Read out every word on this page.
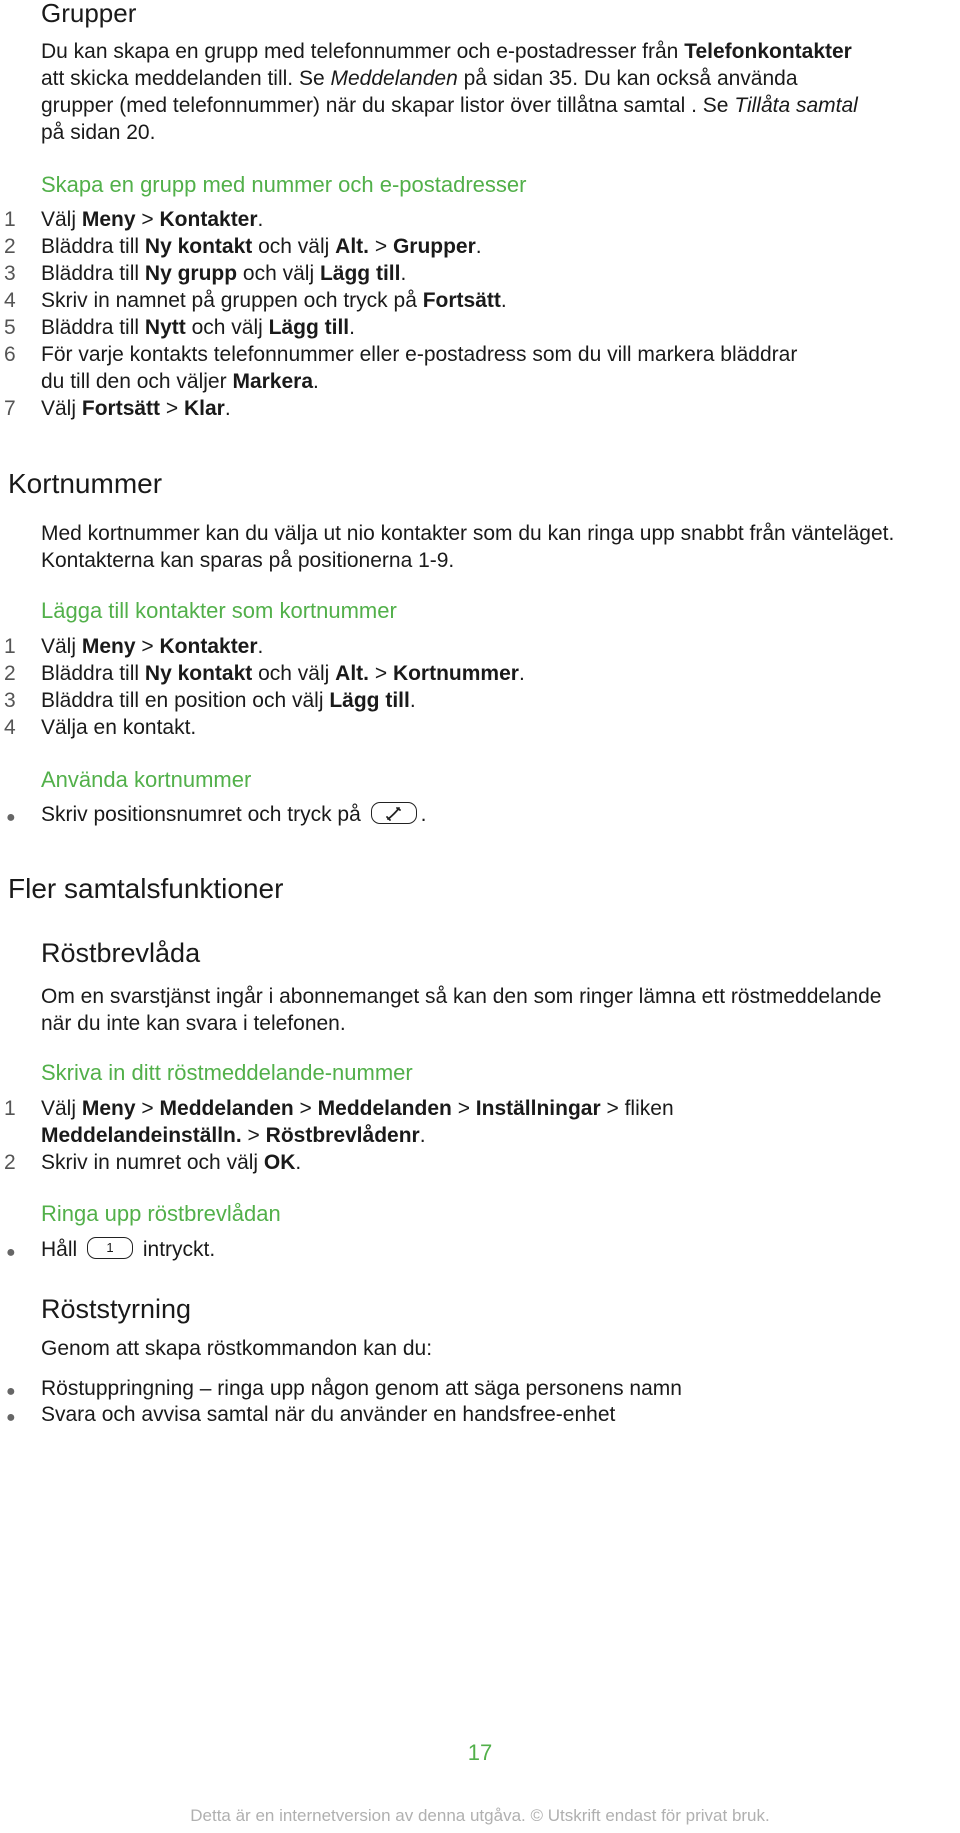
Grupper
Du kan skapa en grupp med telefonnummer och e-postadresser från Telefonkontakter
att skicka meddelanden till. Se Meddelanden på sidan 35. Du kan också använda
grupper (med telefonnummer) när du skapar listor över tillåtna samtal . Se Tillåta samtal
på sidan 20.
Skapa en grupp med nummer och e-postadresser
1 Välj Meny > Kontakter.
2 Bläddra till Ny kontakt och välj Alt. > Grupper.
3 Bläddra till Ny grupp och välj Lägg till.
4 Skriv in namnet på gruppen och tryck på Fortsätt.
5 Bläddra till Nytt och välj Lägg till.
6 För varje kontakts telefonnummer eller e-postadress som du vill markera bläddrar
du till den och väljer Markera.
7 Välj Fortsätt > Klar.
Kortnummer
Med kortnummer kan du välja ut nio kontakter som du kan ringa upp snabbt från vänteläget.
Kontakterna kan sparas på positionerna 1-9.
Lägga till kontakter som kortnummer
1 Välj Meny > Kontakter.
2 Bläddra till Ny kontakt och välj Alt. > Kortnummer.
3 Bläddra till en position och välj Lägg till.
4 Välja en kontakt.
Använda kortnummer
● Skriv positionsnumret och tryck på	.
Fler samtalsfunktioner
Röstbrevlåda
Om en svarstjänst ingår i abonnemanget så kan den som ringer lämna ett röstmeddelande
när du inte kan svara i telefonen.
Skriva in ditt röstmeddelande-nummer
1 Välj Meny > Meddelanden > Meddelanden > Inställningar > fliken
Meddelandeinställn. > Röstbrevlådenr.
2 Skriv in numret och välj OK.
Ringa upp röstbrevlådan
● Håll 1 intryckt.
Röststyrning
Genom att skapa röstkommandon kan du:
● Röstuppringning – ringa upp någon genom att säga personens namn
● Svara och avvisa samtal när du använder en handsfree-enhet
17
Detta är en internetversion av denna utgåva. © Utskrift endast för privat bruk.
